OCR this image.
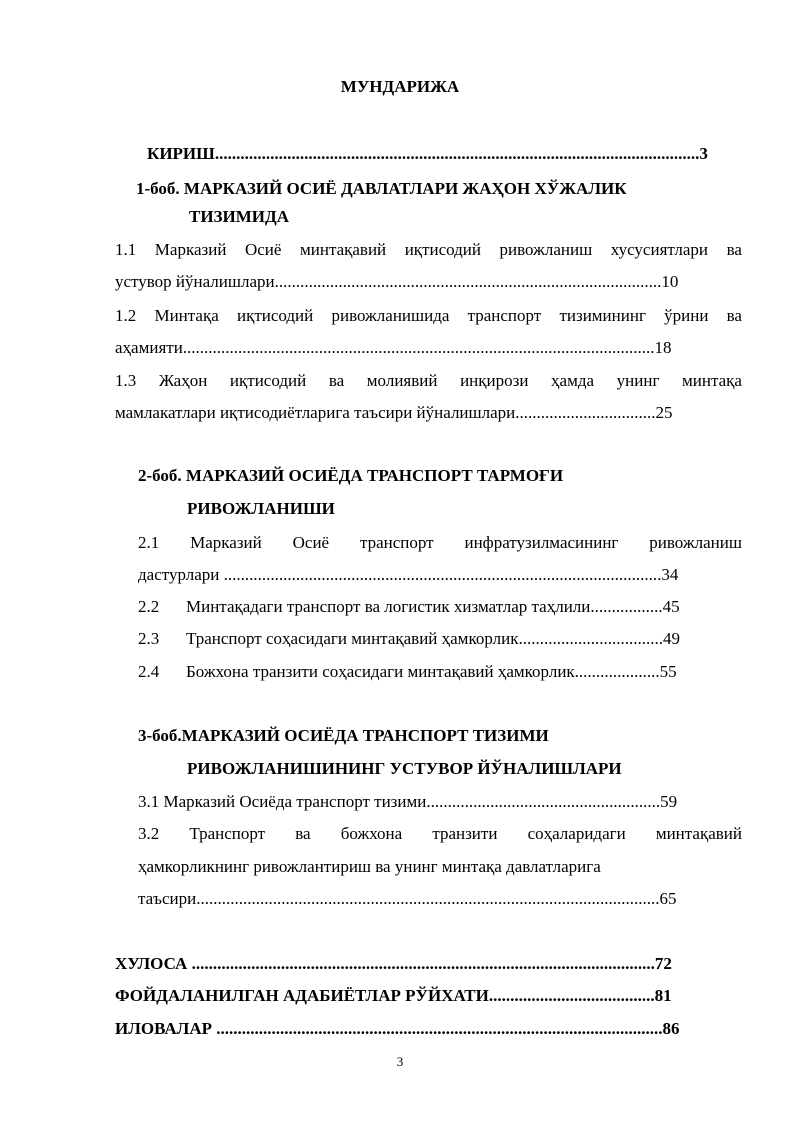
МУНДАРИЖА
КИРИШ..................................................................................................................3
1-боб. МАРКАЗИЙ ОСИЁ ДАВЛАТЛАРИ ЖАҲОН ХЎЖАЛИК
ТИЗИМИДА
1.1 Марказий Осиё минтақавий иқтисодий ривожланиш хусусиятлари ва
устувор йўналишлари...........................................................................................10
1.2 Минтақа иқтисодий ривожланишида транспорт тизимининг ўрини ва
аҳамияти...............................................................................................................18
1.3 Жаҳон иқтисодий ва молиявий инқирози ҳамда унинг минтақа
мамлакатлари иқтисодиётларига таъсири йўналишлари.................................25
2-боб. МАРКАЗИЙ ОСИЁДА ТРАНСПОРТ ТАРМОҒИ
РИВОЖЛАНИШИ
2.1 Марказий Осиё транспорт инфратузилмасининг ривожланиш
дастурлари .......................................................................................................34
2.2 Минтақадаги транспорт ва логистик хизматлар таҳлили.................45
2.3 Транспорт соҳасидаги минтақавий ҳамкорлик..................................49
2.4 Божхона транзити соҳасидаги минтақавий ҳамкорлик....................55
3-боб.МАРКАЗИЙ ОСИЁДА ТРАНСПОРТ ТИЗИМИ
РИВОЖЛАНИШИНИНГ УСТУВОР ЙЎНАЛИШЛАРИ
3.1 Марказий Осиёда транспорт тизими.......................................................59
3.2 Транспорт ва божхона транзити соҳаларидаги минтақавий
ҳамкорликнинг ривожлантириш ва унинг минтақа давлатларига
таъсири.............................................................................................................65
ХУЛОСА .............................................................................................................72
ФОЙДАЛАНИЛГАН АДАБИЁТЛАР РЎЙХАТИ.......................................81
ИЛОВАЛАР .........................................................................................................86
3
